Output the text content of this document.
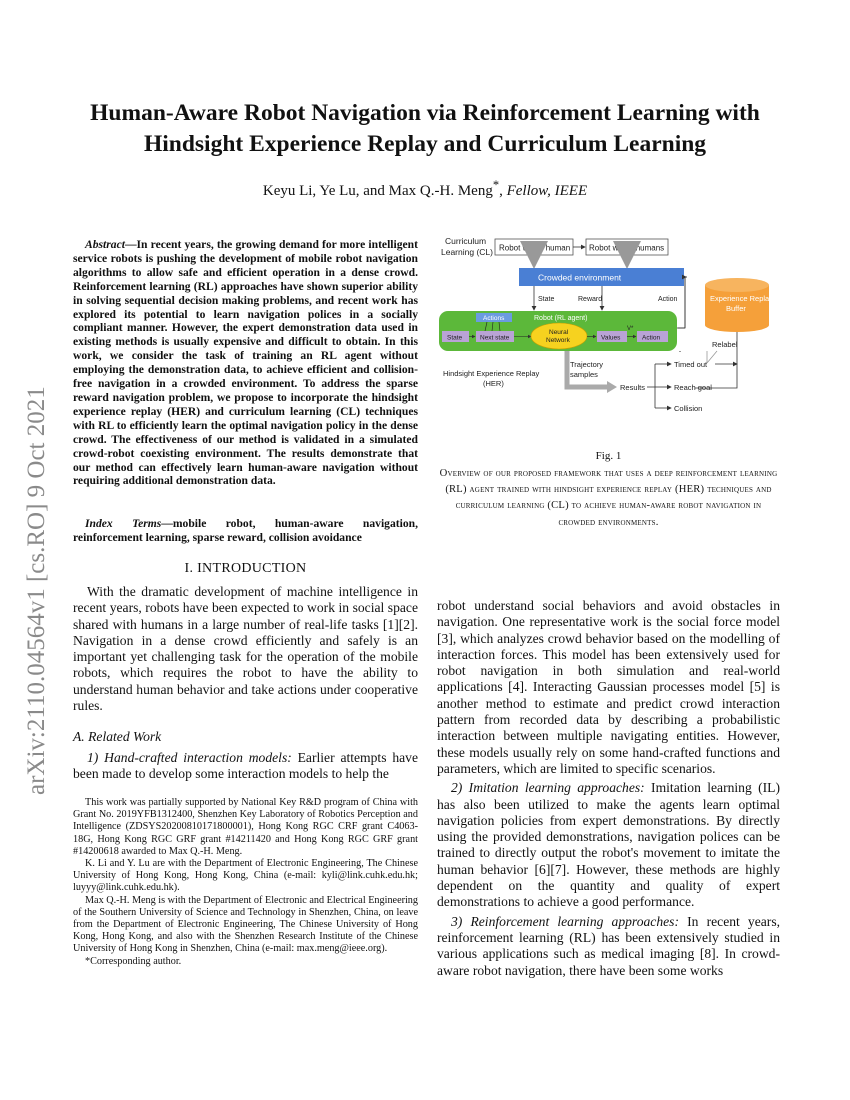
arXiv:2110.04564v1 [cs.RO] 9 Oct 2021
Human-Aware Robot Navigation via Reinforcement Learning with
Hindsight Experience Replay and Curriculum Learning
Keyu Li, Ye Lu, and Max Q.-H. Meng*, Fellow, IEEE
Abstract—In recent years, the growing demand for more intelligent service robots is pushing the development of mobile robot navigation algorithms to allow safe and efficient operation in a dense crowd. Reinforcement learning (RL) approaches have shown superior ability in solving sequential decision making problems, and recent work has explored its potential to learn navigation polices in a socially compliant manner. However, the expert demonstration data used in existing methods is usually expensive and difficult to obtain. In this work, we consider the task of training an RL agent without employing the demonstration data, to achieve efficient and collision-free navigation in a crowded environment. To address the sparse reward navigation problem, we propose to incorporate the hindsight experience replay (HER) and curriculum learning (CL) techniques with RL to efficiently learn the optimal navigation policy in the dense crowd. The effectiveness of our method is validated in a simulated crowd-robot coexisting environment. The results demonstrate that our method can effectively learn human-aware navigation without requiring additional demonstration data.
Index Terms—mobile robot, human-aware navigation, reinforcement learning, sparse reward, collision avoidance
I. INTRODUCTION

With the dramatic development of machine intelligence in recent years, robots have been expected to work in social space shared with humans in a large number of real-life tasks [1][2]. Navigation in a dense crowd efficiently and safely is an important yet challenging task for the operation of the mobile robots, which requires the robot to have the ability to understand human behavior and take actions under cooperative rules.

A. Related Work

1) Hand-crafted interaction models: Earlier attempts have been made to develop some interaction models to help the

This work was partially supported by National Key R&D program of China with Grant No. 2019YFB1312400, Shenzhen Key Laboratory of Robotics Perception and Intelligence (ZDSYS20200810171800001), Hong Kong RGC CRF grant C4063-18G, Hong Kong RGC GRF grant #14211420 and Hong Kong RGC GRF grant #14200618 awarded to Max Q.-H. Meng.

K. Li and Y. Lu are with the Department of Electronic Engineering, The Chinese University of Hong Kong, Hong Kong, China (e-mail: kyli@link.cuhk.edu.hk; luyyy@link.cuhk.edu.hk).

Max Q.-H. Meng is with the Department of Electronic and Electrical Engineering of the Southern University of Science and Technology in Shenzhen, China, on leave from the Department of Electronic Engineering, The Chinese University of Hong Kong, Hong Kong, and also with the Shenzhen Research Institute of the Chinese University of Hong Kong in Shenzhen, China (e-mail: max.meng@ieee.org).

*Corresponding author.

Curriculum
Learning (CL) Robot with 1 human Robot with 5 humans
Crowded environment
State	Reward	Action
Robot (RL agent)
Actions
State	Next state
Neural
Network	Values
V*
Action
Experience Replay
Buffer
Relabel
Hindsight Experience Replay
(HER)
Trajectory
samples
Results
Timed out
Reach goal
Collision
Fig. 1
Overview of our proposed framework that uses a deep reinforcement learning (RL) agent trained with hindsight experience replay (HER) techniques and curriculum learning (CL) to achieve human-aware robot navigation in crowded environments.

robot understand social behaviors and avoid obstacles in navigation. One representative work is the social force model [3], which analyzes crowd behavior based on the modelling of interaction forces. This model has been extensively used for robot navigation in both simulation and real-world applications [4]. Interacting Gaussian processes model [5] is another method to estimate and predict crowd interaction pattern from recorded data by describing a probabilistic interaction between multiple navigating entities. However, these models usually rely on some hand-crafted functions and parameters, which are limited to specific scenarios.

2) Imitation learning approaches: Imitation learning (IL) has also been utilized to make the agents learn optimal navigation policies from expert demonstrations. By directly using the provided demonstrations, navigation polices can be trained to directly output the robot's movement to imitate the human behavior [6][7]. However, these methods are highly dependent on the quantity and quality of expert demonstrations to achieve a good performance.

3) Reinforcement learning approaches: In recent years, reinforcement learning (RL) has been extensively studied in various applications such as medical imaging [8]. In crowd-aware robot navigation, there have been some works
